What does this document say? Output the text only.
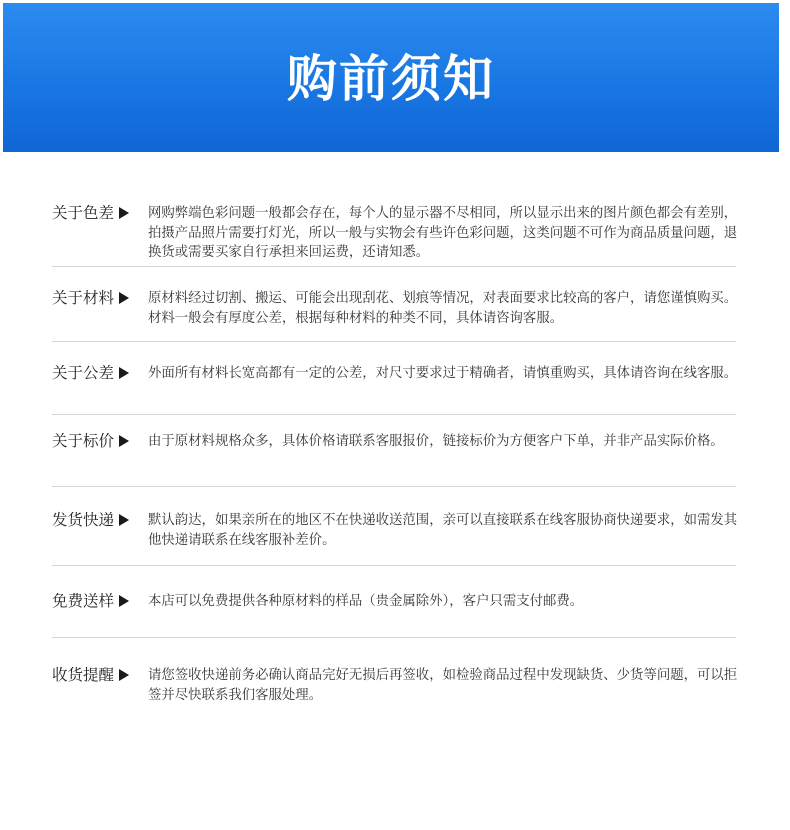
购前须知
关于色差	网购弊端色彩问题一般都会存在，每个人的显示器不尽相同，所以显示出来的图片颜色都会有差别，拍摄产品照片需要打灯光，所以一般与实物会有些许色彩问题，这类问题不可作为商品质量问题，退换货或需要买家自行承担来回运费，还请知悉。
关于材料	原材料经过切割、搬运、可能会出现刮花、划痕等情况，对表面要求比较高的客户，请您谨慎购买。材料一般会有厚度公差，根据每种材料的种类不同，具体请咨询客服。
关于公差	外面所有材料长宽高都有一定的公差，对尺寸要求过于精确者，请慎重购买，具体请咨询在线客服。
关于标价	由于原材料规格众多，具体价格请联系客服报价，链接标价为方便客户下单，并非产品实际价格。
发货快递	默认韵达，如果亲所在的地区不在快递收送范围，亲可以直接联系在线客服协商快递要求，如需发其他快递请联系在线客服补差价。
免费送样	本店可以免费提供各种原材料的样品（贵金属除外），客户只需支付邮费。
收货提醒	请您签收快递前务必确认商品完好无损后再签收，如检验商品过程中发现缺货、少货等问题，可以拒签并尽快联系我们客服处理。
